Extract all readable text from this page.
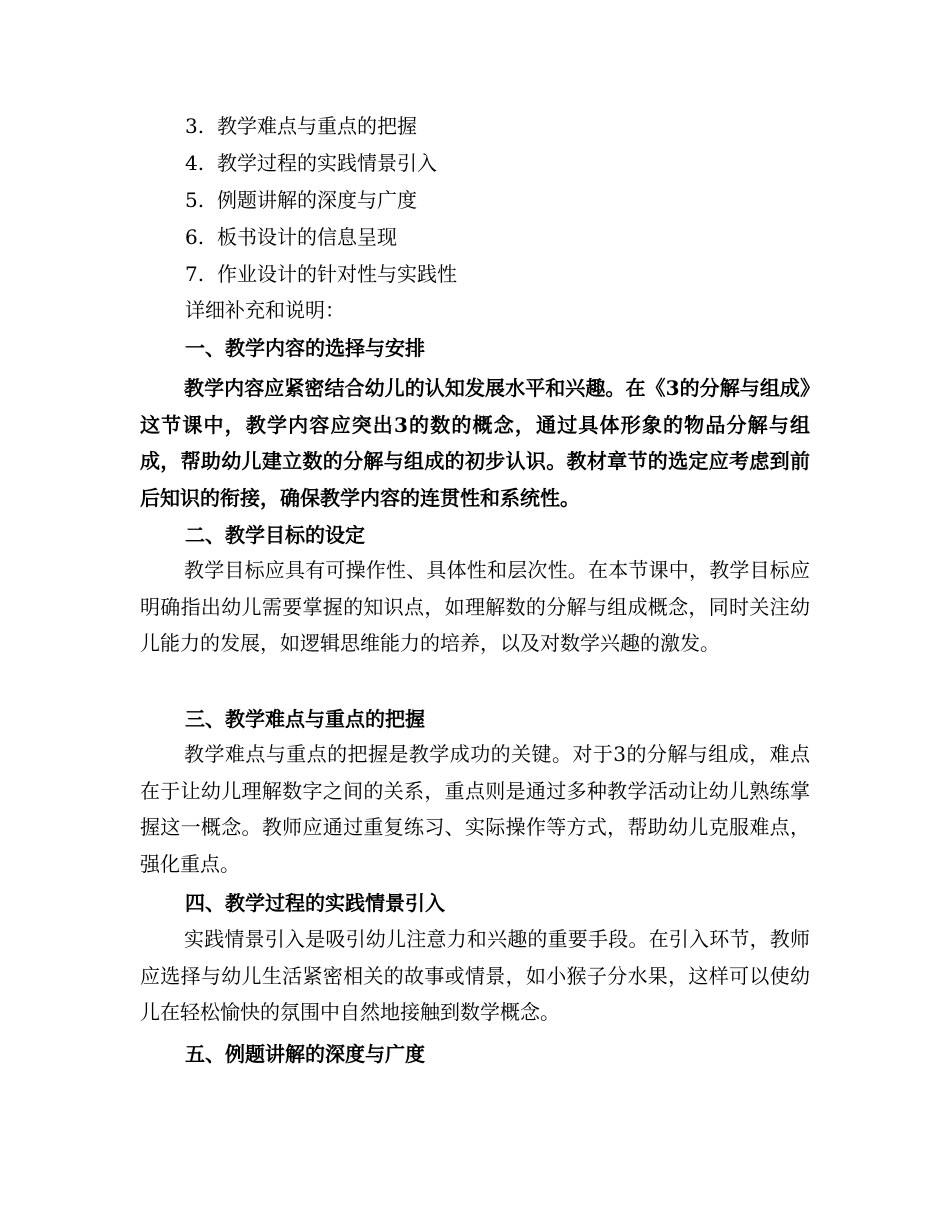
3. 教学难点与重点的把握
4. 教学过程的实践情景引入
5. 例题讲解的深度与广度
6. 板书设计的信息呈现
7. 作业设计的针对性与实践性
详细补充和说明：
一、教学内容的选择与安排

教学内容应紧密结合幼儿的认知发展水平和兴趣。在《3的分解与组成》这节课中，教学内容应突出3的数的概念，通过具体形象的物品分解与组成，帮助幼儿建立数的分解与组成的初步认识。教材章节的选定应考虑到前后知识的衔接，确保教学内容的连贯性和系统性。

二、教学目标的设定

教学目标应具有可操作性、具体性和层次性。在本节课中，教学目标应明确指出幼儿需要掌握的知识点，如理解数的分解与组成概念，同时关注幼儿能力的发展，如逻辑思维能力的培养，以及对数学兴趣的激发。

三、教学难点与重点的把握

教学难点与重点的把握是教学成功的关键。对于3的分解与组成，难点在于让幼儿理解数字之间的关系，重点则是通过多种教学活动让幼儿熟练掌握这一概念。教师应通过重复练习、实际操作等方式，帮助幼儿克服难点，强化重点。

四、教学过程的实践情景引入

实践情景引入是吸引幼儿注意力和兴趣的重要手段。在引入环节，教师应选择与幼儿生活紧密相关的故事或情景，如小猴子分水果，这样可以使幼儿在轻松愉快的氛围中自然地接触到数学概念。

五、例题讲解的深度与广度
